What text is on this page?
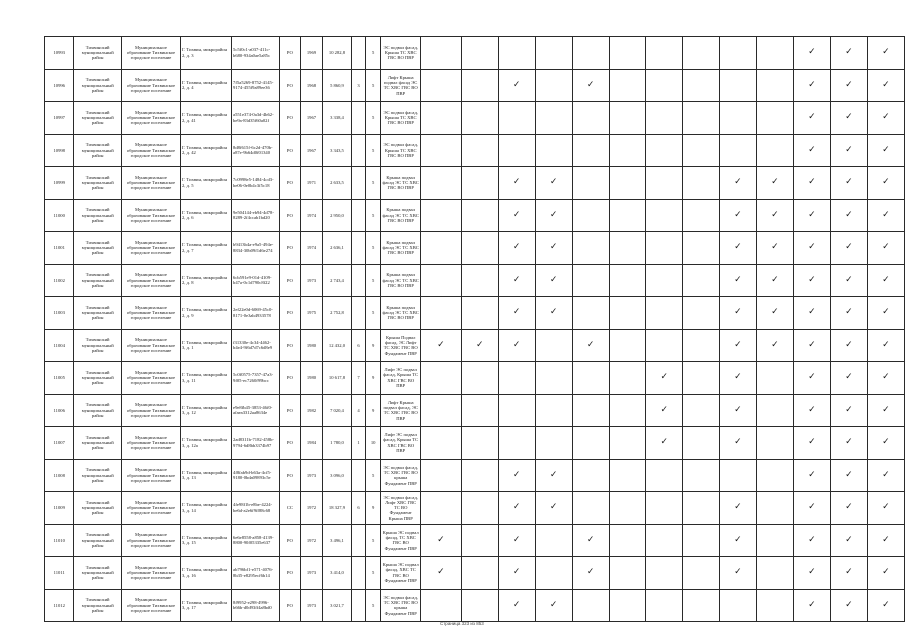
10993	Тихвинский муниципальный район	Муниципальное образование Тихвинское городское поселение	Г. Тихвин, микрорайон 2, д. 3	5c5f0c1-a037-411c-b680-934a0ae5a85c	РО	1969	10 282,8		5	ЭС подвал фасад, Крыша ТС ХВС ГВС ВО ПВР											✓	✓	✓
10996	Тихвинский муниципальный район	Муниципальное образование Тихвинское городское поселение	Г. Тихвин, микрорайон 2, д. 4	7f5a5269-8752-4145-9174-455f9a89ee36	РО	1968	5 860,9	3	5	Лифт Крыша подвал фасад ЭС ТС ХВС ГВС ВО ПВР			✓		✓						✓	✓	✓
10997	Тихвинский муниципальный район	Муниципальное образование Тихвинское городское поселение	Г. Тихвин, микрорайон 2, д. 41	a551e374-0a3d-4b62-be9a-83d35f60a02f	РО	1967	3 338,4		5	ЭС подвал фасад, Крыша ТС ХВС ГВС ВО ПВР											✓	✓	✓
10998	Тихвинский муниципальный район	Муниципальное образование Тихвинское городское поселение	Г. Тихвин, микрорайон 2, д. 42	8d8f615f-6c2d-470b-a87e-9b64d0f01340	РО	1967	3 343,5		5	ЭС подвал фасад, Крыша ТС ХВС ГВС ВО ПВР											✓	✓	✓
10999	Тихвинский муниципальный район	Муниципальное образование Тихвинское городское поселение	Г. Тихвин, микрорайон 2, д. 5	7c0998e5-1484-4cd3-be06-0e0b4c3f5c18	РО	1971	2 633,5		5	Крыша подвал фасад ЭС ТС ХВС ГВС ВО ПВР			✓	✓					✓	✓	✓	✓	✓
11000	Тихвинский муниципальный район	Муниципальное образование Тихвинское городское поселение	Г. Тихвин, микрорайон 2, д. 6	9e504144-eb94-4d78-8289-2f4ccab1bd20	РО	1974	2 950,0		5	Крыша подвал фасад ЭС ТС ХВС ГВС ВО ПВР			✓	✓					✓	✓	✓	✓	✓
11001	Тихвинский муниципальный район	Муниципальное образование Тихвинское городское поселение	Г. Тихвин, микрорайон 2, д. 7	b9413b4a-e9a5-494e-8834-30b09f1d6e274	РО	1974	2 636,1		5	Крыша подвал фасад ЭС ТС ХВС ГВС ВО ПВР			✓	✓					✓	✓	✓	✓	✓
11002	Тихвинский муниципальный район	Муниципальное образование Тихвинское городское поселение	Г. Тихвин, микрорайон 2, д. 8	6cb591e9-01d-4109-b47a-0c1d790c8f22	РО	1973	2 743,4		5	Крыша подвал фасад ЭС ТС ХВС ГВС ВО ПВР			✓	✓					✓	✓	✓	✓	✓
11003	Тихвинский муниципальный район	Муниципальное образование Тихвинское городское поселение	Г. Тихвин, микрорайон 2, д. 9	2ef22e0d-6069-45c0-8171-0e3ab4933578	РО	1975	2 752,8		5	Крыша подвал фасад ЭС ТС ХВС ГВС ВО ПВР			✓	✓					✓	✓	✓	✓	✓
11004	Тихвинский муниципальный район	Муниципальное образование Тихвинское городское поселение	Г. Тихвин, микрорайон 3, д. 1	f31330e-4c34-4462-b4e4-9f6d7d7c6d8e9	РО	1980	12 432,0	6	9	Крыша Подвал фасад, ЭС Лифт ТС ХВС ГВС ВО Фундамент ПВР	✓	✓	✓		✓				✓	✓	✓	✓	✓
11005	Тихвинский муниципальный район	Муниципальное образование Тихвинское городское поселение	Г. Тихвин, микрорайон 3, д. 11	5c0f0575-7357-47a3-9f05-ec7260f99bcc	РО	1980	10 617,8	7	9	Лифт ЭС подвал фасад, Крыша ТС ХВС ГВС ВО ПВР							✓		✓		✓	✓	✓
11006	Тихвинский муниципальный район	Муниципальное образование Тихвинское городское поселение	Г. Тихвин, микрорайон 3, д. 12	e9e8fb45-3853-46f0-afaea3312aa8634e	РО	1982	7 020,4	4	9	Лифт Крыша подвал фасад, ЭС ТС ХВС ГВС ВО ПВР							✓		✓		✓	✓	✓
11007	Тихвинский муниципальный район	Муниципальное образование Тихвинское городское поселение	Г. Тихвин, микрорайон 3, д. 12а	2ad8311b-7182-458b-9794-6d8bb3374b97	РО	1984	1 780,0	1	10	Лифт ЭС подвал фасад, Крыша ТС ХВС ГВС ВО ПВР							✓		✓		✓	✓	✓
11008	Тихвинский муниципальный район	Муниципальное образование Тихвинское городское поселение	Г. Тихвин, микрорайон 3, д. 13	4f8fab9d-b63a-4cf5-9180-0bda09893c5e	РО	1973	3 096,0		5	ЭС подвал фасад, ТС ХВС ГВС ВО крыша Фундамент ПВР			✓	✓							✓	✓	✓
11009	Тихвинский муниципальный район	Муниципальное образование Тихвинское городское поселение	Г. Тихвин, микрорайон 3, д. 14	4fe98f1b-e8be-4224-be6d-a2e6f9ff88c68	СС	1972	18 327,9	6	9	ЭС подвал фасад, Лифт ХВС ГВС ТС ВО Фундамент Крыша ПВР			✓	✓					✓		✓	✓	✓
11010	Тихвинский муниципальный район	Муниципальное образование Тихвинское городское поселение	Г. Тихвин, микрорайон 3, д. 15	6e6e8558-a858-4139-8800-90f05335e637	РО	1972	3 496,1		5	Крыша ЭС подвал фасад, ТС ХВС ГВС ВО Фундамент ПВР	✓		✓		✓				✓		✓	✓	✓
11011	Тихвинский муниципальный район	Муниципальное образование Тихвинское городское поселение	Г. Тихвин, микрорайон 3, д. 16	ab796bf1-e571-4076-8b35-e8295ecf6b14	РО	1973	3 414,0		5	Крыша ЭС подвал фасад, ХВС ТС ГВС ВО Фундамент ПВР	✓		✓		✓				✓		✓	✓	✓
11012	Тихвинский муниципальный район	Муниципальное образование Тихвинское городское поселение	Г. Тихвин, микрорайон 3, д. 17	8f9952-e298-4996-b66b-d0d93ff4a8bd0	РО	1973	3 021,7		5	ЭС подвал фасад, ТС ХВС ГВС ВО крыша Фундамент ПВР			✓	✓							✓	✓	✓
Страница 323 из 853
